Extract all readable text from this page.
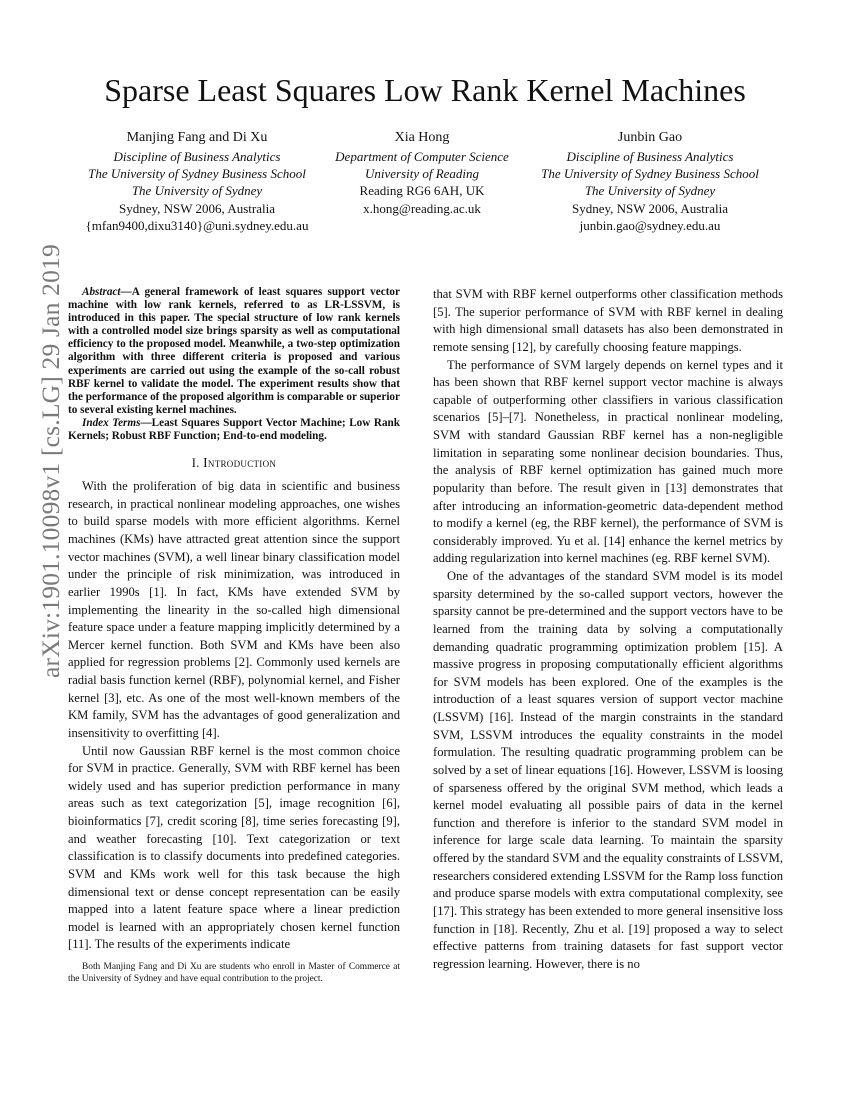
arXiv:1901.10098v1 [cs.LG] 29 Jan 2019
Sparse Least Squares Low Rank Kernel Machines
Manjing Fang and Di Xu
Discipline of Business Analytics
The University of Sydney Business School
The University of Sydney
Sydney, NSW 2006, Australia
{mfan9400,dixu3140}@uni.sydney.edu.au
Xia Hong
Department of Computer Science
University of Reading
Reading RG6 6AH, UK
x.hong@reading.ac.uk
Junbin Gao
Discipline of Business Analytics
The University of Sydney Business School
The University of Sydney
Sydney, NSW 2006, Australia
junbin.gao@sydney.edu.au

Abstract—A general framework of least squares support vector machine with low rank kernels, referred to as LR-LSSVM, is introduced in this paper. The special structure of low rank kernels with a controlled model size brings sparsity as well as computational efficiency to the proposed model. Meanwhile, a two-step optimization algorithm with three different criteria is proposed and various experiments are carried out using the example of the so-call robust RBF kernel to validate the model. The experiment results show that the performance of the proposed algorithm is comparable or superior to several existing kernel machines.

Index Terms—Least Squares Support Vector Machine; Low Rank Kernels; Robust RBF Function; End-to-end modeling.

I. Introduction

With the proliferation of big data in scientific and business research, in practical nonlinear modeling approaches, one wishes to build sparse models with more efficient algorithms. Kernel machines (KMs) have attracted great attention since the support vector machines (SVM), a well linear binary classification model under the principle of risk minimization, was introduced in earlier 1990s [1]. In fact, KMs have extended SVM by implementing the linearity in the so-called high dimensional feature space under a feature mapping implicitly determined by a Mercer kernel function. Both SVM and KMs have been also applied for regression problems [2]. Commonly used kernels are radial basis function kernel (RBF), polynomial kernel, and Fisher kernel [3], etc. As one of the most well-known members of the KM family, SVM has the advantages of good generalization and insensitivity to overfitting [4].

Until now Gaussian RBF kernel is the most common choice for SVM in practice. Generally, SVM with RBF kernel has been widely used and has superior prediction performance in many areas such as text categorization [5], image recognition [6], bioinformatics [7], credit scoring [8], time series forecasting [9], and weather forecasting [10]. Text categorization or text classification is to classify documents into predefined categories. SVM and KMs work well for this task because the high dimensional text or dense concept representation can be easily mapped into a latent feature space where a linear prediction model is learned with an appropriately chosen kernel function [11]. The results of the experiments indicate

that SVM with RBF kernel outperforms other classification methods [5]. The superior performance of SVM with RBF kernel in dealing with high dimensional small datasets has also been demonstrated in remote sensing [12], by carefully choosing feature mappings.

The performance of SVM largely depends on kernel types and it has been shown that RBF kernel support vector machine is always capable of outperforming other classifiers in various classification scenarios [5]–[7]. Nonetheless, in practical nonlinear modeling, SVM with standard Gaussian RBF kernel has a non-negligible limitation in separating some nonlinear decision boundaries. Thus, the analysis of RBF kernel optimization has gained much more popularity than before. The result given in [13] demonstrates that after introducing an information-geometric data-dependent method to modify a kernel (eg, the RBF kernel), the performance of SVM is considerably improved. Yu et al. [14] enhance the kernel metrics by adding regularization into kernel machines (eg. RBF kernel SVM).

One of the advantages of the standard SVM model is its model sparsity determined by the so-called support vectors, however the sparsity cannot be pre-determined and the support vectors have to be learned from the training data by solving a computationally demanding quadratic programming optimization problem [15]. A massive progress in proposing computationally efficient algorithms for SVM models has been explored. One of the examples is the introduction of a least squares version of support vector machine (LSSVM) [16]. Instead of the margin constraints in the standard SVM, LSSVM introduces the equality constraints in the model formulation. The resulting quadratic programming problem can be solved by a set of linear equations [16]. However, LSSVM is loosing of sparseness offered by the original SVM method, which leads a kernel model evaluating all possible pairs of data in the kernel function and therefore is inferior to the standard SVM model in inference for large scale data learning. To maintain the sparsity offered by the standard SVM and the equality constraints of LSSVM, researchers considered extending LSSVM for the Ramp loss function and produce sparse models with extra computational complexity, see [17]. This strategy has been extended to more general insensitive loss function in [18]. Recently, Zhu et al. [19] proposed a way to select effective patterns from training datasets for fast support vector regression learning. However, there is no

Both Manjing Fang and Di Xu are students who enroll in Master of Commerce at the University of Sydney and have equal contribution to the project.
